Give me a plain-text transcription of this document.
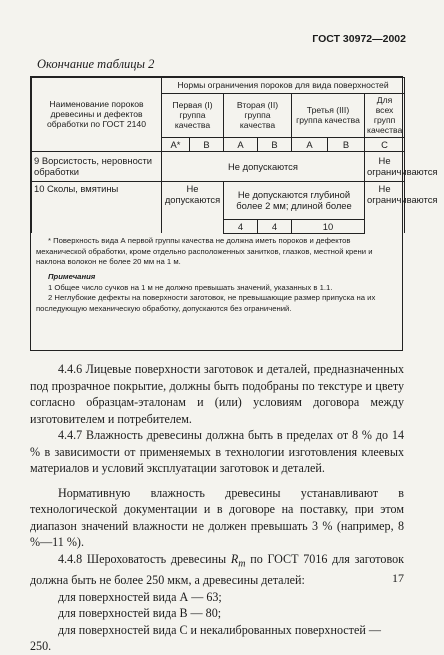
ГОСТ 30972—2002
Окончание таблицы 2
Наименование пороков древесины и дефектов обработки по ГОСТ 2140	Нормы ограничения пороков для вида поверхностей						
	Первая (I) группа качества		Вторая (II) группа качества		Третья (III) группа качества		Для всех групп качества
	А*	В	А	В	А	В	С
9 Ворсистость, неровности обработки	Не допускаются						Не ограничиваются
10 Сколы, вмятины	Не допускаются		Не допускаются глубиной более 2 мм; длиной более				Не ограничиваются
			4	4	10		

* Поверхность вида А первой группы качества не должна иметь пороков и дефектов механической обработки, кроме отдельно расположенных занитков, глазков, местной крени и наклона волокон не более 20 мм на 1 м.

Примечания

1 Общее число сучков на 1 м не должно превышать значений, указанных в 1.1.

2 Неглубокие дефекты на поверхности заготовок, не превышающие размер припуска на их последующую механическую обработку, допускаются без ограничений.

4.4.6 Лицевые поверхности заготовок и деталей, предназначенных под прозрачное покрытие, должны быть подобраны по текстуре и цвету согласно образцам-эталонам и (или) условиям договора между изготовителем и потребителем.

4.4.7 Влажность древесины должна быть в пределах от 8 % до 14 % в зависимости от применяемых в технологии изготовления клеевых материалов и условий эксплуатации заготовок и деталей.

Нормативную влажность древесины устанавливают в технологической документации и в договоре на поставку, при этом диапазон значений влажности не должен превышать 3 % (например, 8 %—11 %).

4.4.8 Шероховатость древесины $R_m$ по ГОСТ 7016 для заготовок должна быть не более 250 мкм, а древесины деталей:

для поверхностей вида А — 63;

для поверхностей вида В — 80;

для поверхностей вида С и некалиброванных поверхностей — 250.

17
